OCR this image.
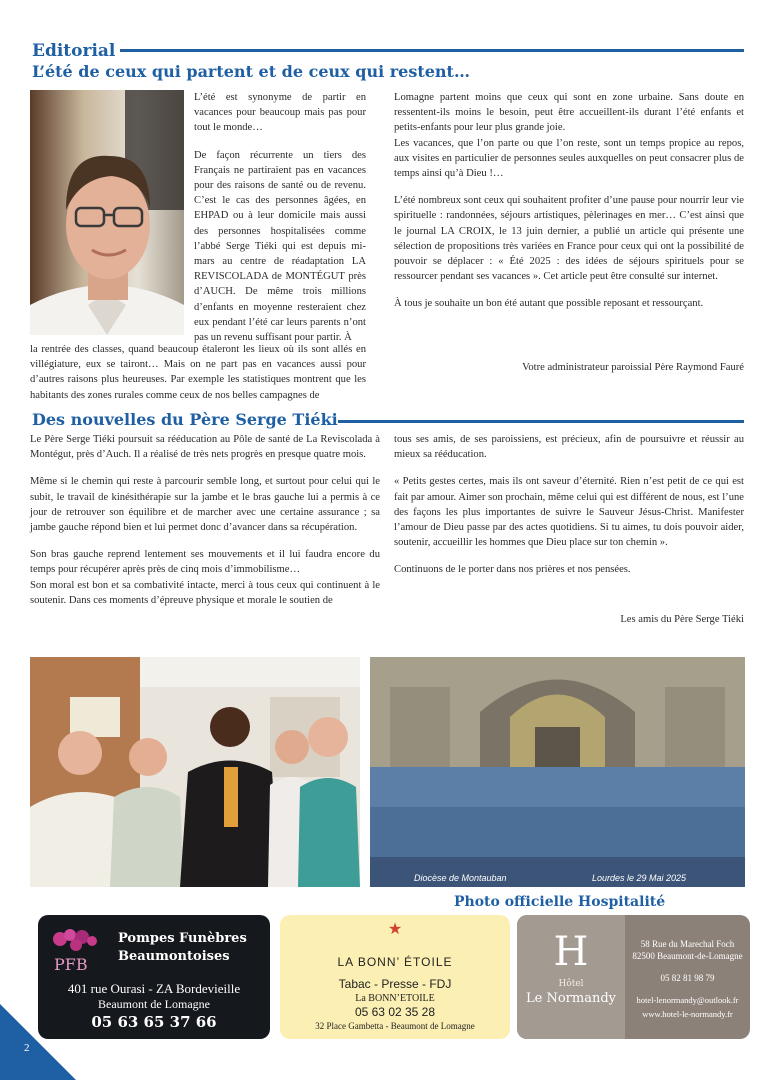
Editorial
L’été de ceux qui partent et de ceux qui restent…

L’été est synonyme de partir en vacances pour beaucoup mais pas pour tout le monde…

De façon récurrente un tiers des Français ne partiraient pas en vacances pour des raisons de santé ou de revenu. C’est le cas des personnes âgées, en EHPAD ou à leur domicile mais aussi des personnes hospitalisées comme l’abbé Serge Tiéki qui est depuis mi-mars au centre de réadaptation LA REVISCOLADA de MONTÉGUT près d’AUCH. De même trois millions d’enfants en moyenne resteraient chez eux pendant l’été car leurs parents n’ont pas un revenu suffisant pour partir. À

la rentrée des classes, quand beaucoup étaleront les lieux où ils sont allés en villégiature, eux se tairont… Mais on ne part pas en vacances aussi pour d’autres raisons plus heureuses. Par exemple les statistiques montrent que les habitants des zones rurales comme ceux de nos belles campagnes de

Lomagne partent moins que ceux qui sont en zone urbaine. Sans doute en ressentent-ils moins le besoin, peut être accueillent-ils durant l’été enfants et petits-enfants pour leur plus grande joie.

Les vacances, que l’on parte ou que l’on reste, sont un temps propice au repos, aux visites en particulier de personnes seules auxquelles on peut consacrer plus de temps ainsi qu’à Dieu !…

L’été nombreux sont ceux qui souhaitent profiter d’une pause pour nourrir leur vie spirituelle : randonnées, séjours artistiques, pèlerinages en mer… C’est ainsi que le journal LA CROIX, le 13 juin dernier, a publié un article qui présente une sélection de propositions très variées en France pour ceux qui ont la possibilité de pouvoir se déplacer : « Été 2025 : des idées de séjours spirituels pour se ressourcer pendant ses vacances ». Cet article peut être consulté sur internet.

À tous je souhaite un bon été autant que possible reposant et ressourçant.

Votre administrateur paroissial Père Raymond Fauré
Des nouvelles du Père Serge Tiéki

Le Père Serge Tiéki poursuit sa rééducation au Pôle de santé de La Reviscolada à Montégut, près d’Auch. Il a réalisé de très nets progrès en presque quatre mois.

Même si le chemin qui reste à parcourir semble long, et surtout pour celui qui le subit, le travail de kinésithérapie sur la jambe et le bras gauche lui a permis à ce jour de retrouver son équilibre et de marcher avec une certaine assurance ; sa jambe gauche répond bien et lui permet donc d’avancer dans sa récupération.

Son bras gauche reprend lentement ses mouvements et il lui faudra encore du temps pour récupérer après près de cinq mois d’immobilisme…

Son moral est bon et sa combativité intacte, merci à tous ceux qui continuent à le soutenir. Dans ces moments d’épreuve physique et morale le soutien de

tous ses amis, de ses paroissiens, est précieux, afin de poursuivre et réussir au mieux sa rééducation.

« Petits gestes certes, mais ils ont saveur d’éternité. Rien n’est petit de ce qui est fait par amour. Aimer son prochain, même celui qui est différent de nous, est l’une des façons les plus importantes de suivre le Sauveur Jésus-Christ. Manifester l’amour de Dieu passe par des actes quotidiens. Si tu aimes, tu dois pouvoir aider, soutenir, accueillir les hommes que Dieu place sur ton chemin ».

Continuons de le porter dans nos prières et nos pensées.

Les amis du Père Serge Tiéki
Diocèse de Montauban	Lourdes le 29 Mai 2025
Photo officielle Hospitalité
PFB
Pompes Funèbres
Beaumontoises
401 rue Ourasi - ZA Bordevieille
Beaumont de Lomagne
05 63 65 37 66
★
LA BONN’ ÉTOILE
Tabac - Presse - FDJ
La BONN’ETOILE
05 63 02 35 28
32 Place Gambetta - Beaumont de Lomagne
H
Hôtel
Le Normandy
58 Rue du Marechal Foch
82500 Beaumont-de-Lomagne
05 82 81 98 79
hotel-lenormandy@outlook.fr
www.hotel-le-normandy.fr
2
